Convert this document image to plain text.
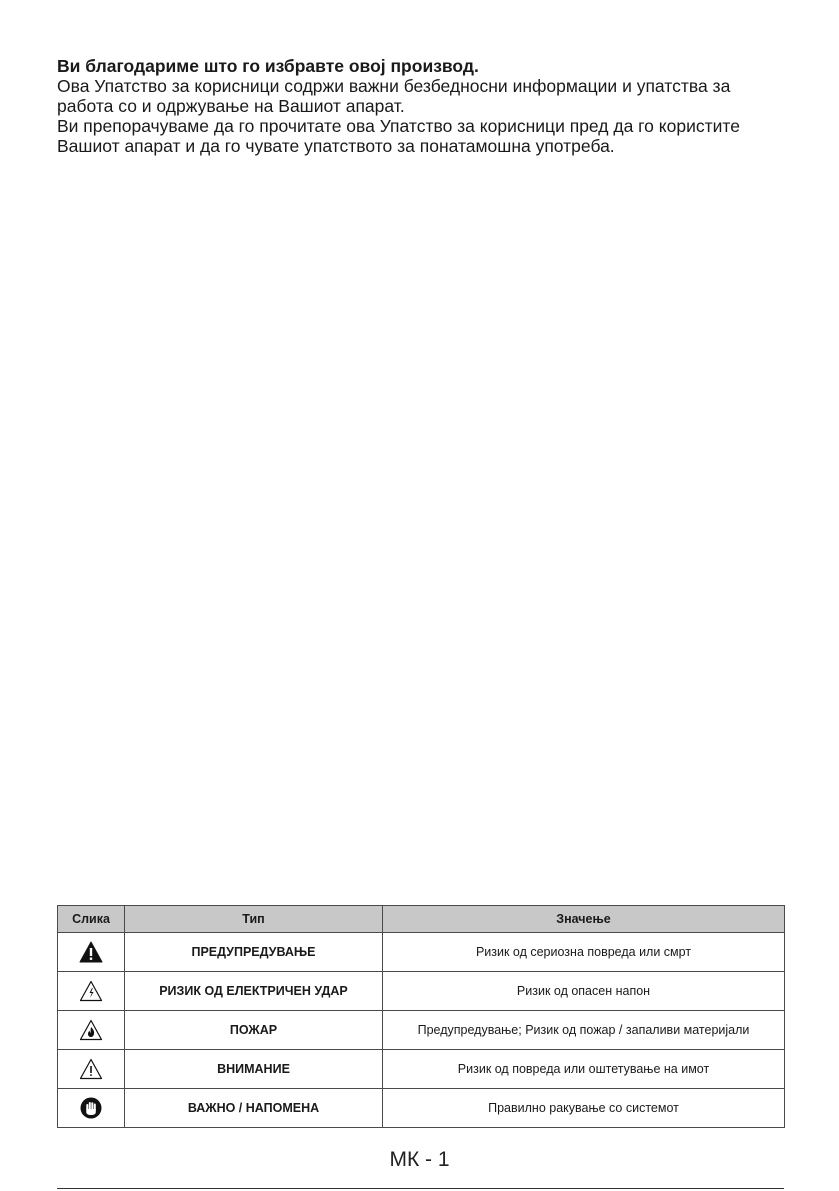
Ви благодариме што го избравте овој производ.

Ова Упатство за корисници содржи важни безбедносни информации и упатства за работа со и одржување на Вашиот апарат.

Ви препорачуваме да го прочитате ова Упатство за корисници пред да го користите Вашиот апарат и да го чувате упатството за понатамошна употреба.

Слика	Тип	Значење
	ПРЕДУПРЕДУВАЊЕ	Ризик од сериозна повреда или смрт
	РИЗИК ОД ЕЛЕКТРИЧЕН УДАР	Ризик од опасен напон
	ПОЖАР	Предупредување; Ризик од пожар / запаливи материјали
	ВНИМАНИЕ	Ризик од повреда или оштетување на имот
	ВАЖНО / НАПОМЕНА	Правилно ракување со системот
МК - 1
